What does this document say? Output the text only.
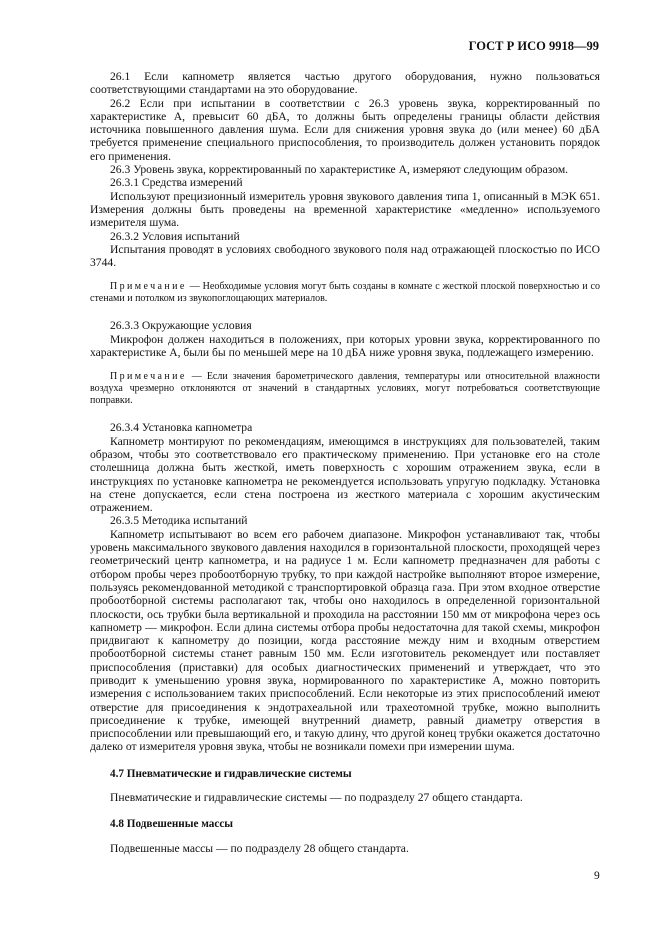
ГОСТ Р ИСО 9918—99

26.1 Если капнометр является частью другого оборудования, нужно пользоваться соответствующими стандартами на это оборудование.

26.2 Если при испытании в соответствии с 26.3 уровень звука, корректированный по характеристике А, превысит 60 дБА, то должны быть определены границы области действия источника повышенного давления шума. Если для снижения уровня звука до (или менее) 60 дБА требуется применение специального приспособления, то производитель должен установить порядок его применения.

26.3 Уровень звука, корректированный по характеристике А, измеряют следующим образом.

26.3.1 Средства измерений

Используют прецизионный измеритель уровня звукового давления типа 1, описанный в МЭК 651. Измерения должны быть проведены на временной характеристике «медленно» используемого измерителя шума.

26.3.2 Условия испытаний

Испытания проводят в условиях свободного звукового поля над отражающей плоскостью по ИСО 3744.

Примечание — Необходимые условия могут быть созданы в комнате с жесткой плоской поверхностью и со стенами и потолком из звукопоглощающих материалов.

26.3.3 Окружающие условия

Микрофон должен находиться в положениях, при которых уровни звука, корректированного по характеристике А, были бы по меньшей мере на 10 дБА ниже уровня звука, подлежащего измерению.

Примечание — Если значения барометрического давления, температуры или относительной влажности воздуха чрезмерно отклоняются от значений в стандартных условиях, могут потребоваться соответствующие поправки.

26.3.4 Установка капнометра

Капнометр монтируют по рекомендациям, имеющимся в инструкциях для пользователей, таким образом, чтобы это соответствовало его практическому применению. При установке его на столе столешница должна быть жесткой, иметь поверхность с хорошим отражением звука, если в инструкциях по установке капнометра не рекомендуется использовать упругую подкладку. Установка на стене допускается, если стена построена из жесткого материала с хорошим акустическим отражением.

26.3.5 Методика испытаний

Капнометр испытывают во всем его рабочем диапазоне. Микрофон устанавливают так, чтобы уровень максимального звукового давления находился в горизонтальной плоскости, проходящей через геометрический центр капнометра, и на радиусе 1 м. Если капнометр предназначен для работы с отбором пробы через пробоотборную трубку, то при каждой настройке выполняют второе измерение, пользуясь рекомендованной методикой с транспортировкой образца газа. При этом входное отверстие пробоотборной системы располагают так, чтобы оно находилось в определенной горизонтальной плоскости, ось трубки была вертикальной и проходила на расстоянии 150 мм от микрофона через ось капнометр — микрофон. Если длина системы отбора пробы недостаточна для такой схемы, микрофон придвигают к капнометру до позиции, когда расстояние между ним и входным отверстием пробоотборной системы станет равным 150 мм. Если изготовитель рекомендует или поставляет приспособления (приставки) для особых диагностических применений и утверждает, что это приводит к уменьшению уровня звука, нормированного по характеристике А, можно повторить измерения с использованием таких приспособлений. Если некоторые из этих приспособлений имеют отверстие для присоединения к эндотрахеальной или трахеотомной трубке, можно выполнить присоединение к трубке, имеющей внутренний диаметр, равный диаметру отверстия в приспособлении или превышающий его, и такую длину, что другой конец трубки окажется достаточно далеко от измерителя уровня звука, чтобы не возникали помехи при измерении шума.

4.7 Пневматические и гидравлические системы

Пневматические и гидравлические системы — по подразделу 27 общего стандарта.

4.8 Подвешенные массы

Подвешенные массы — по подразделу 28 общего стандарта.

9
